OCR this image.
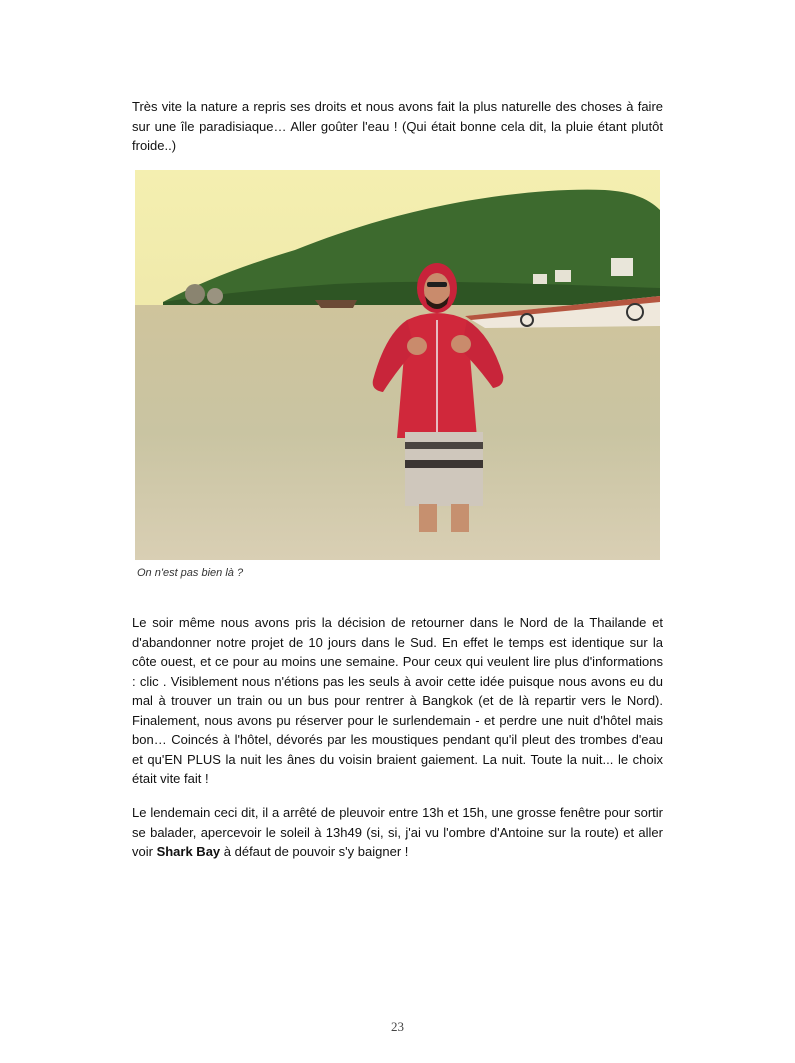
Très vite la nature a repris ses droits et nous avons fait la plus naturelle des choses à faire sur une île paradisiaque… Aller goûter l'eau ! (Qui était bonne cela dit, la pluie étant plutôt froide..)

On n'est pas bien là ?

Le soir même nous avons pris la décision de retourner dans le Nord de la Thailande et d'abandonner notre projet de 10 jours dans le Sud. En effet le temps est identique sur la côte ouest, et ce pour au moins une semaine. Pour ceux qui veulent lire plus d'informations : clic . Visiblement nous n'étions pas les seuls à avoir cette idée puisque nous avons eu du mal à trouver un train ou un bus pour rentrer à Bangkok (et de là repartir vers le Nord). Finalement, nous avons pu réserver pour le surlendemain - et perdre une nuit d'hôtel mais bon… Coincés à l'hôtel, dévorés par les moustiques pendant qu'il pleut des trombes d'eau et qu'EN PLUS la nuit les ânes du voisin braient gaiement. La nuit. Toute la nuit... le choix était vite fait !

Le lendemain ceci dit, il a arrêté de pleuvoir entre 13h et 15h, une grosse fenêtre pour sortir se balader, apercevoir le soleil à 13h49 (si, si, j'ai vu l'ombre d'Antoine sur la route) et aller voir Shark Bay à défaut de pouvoir s'y baigner !

23
